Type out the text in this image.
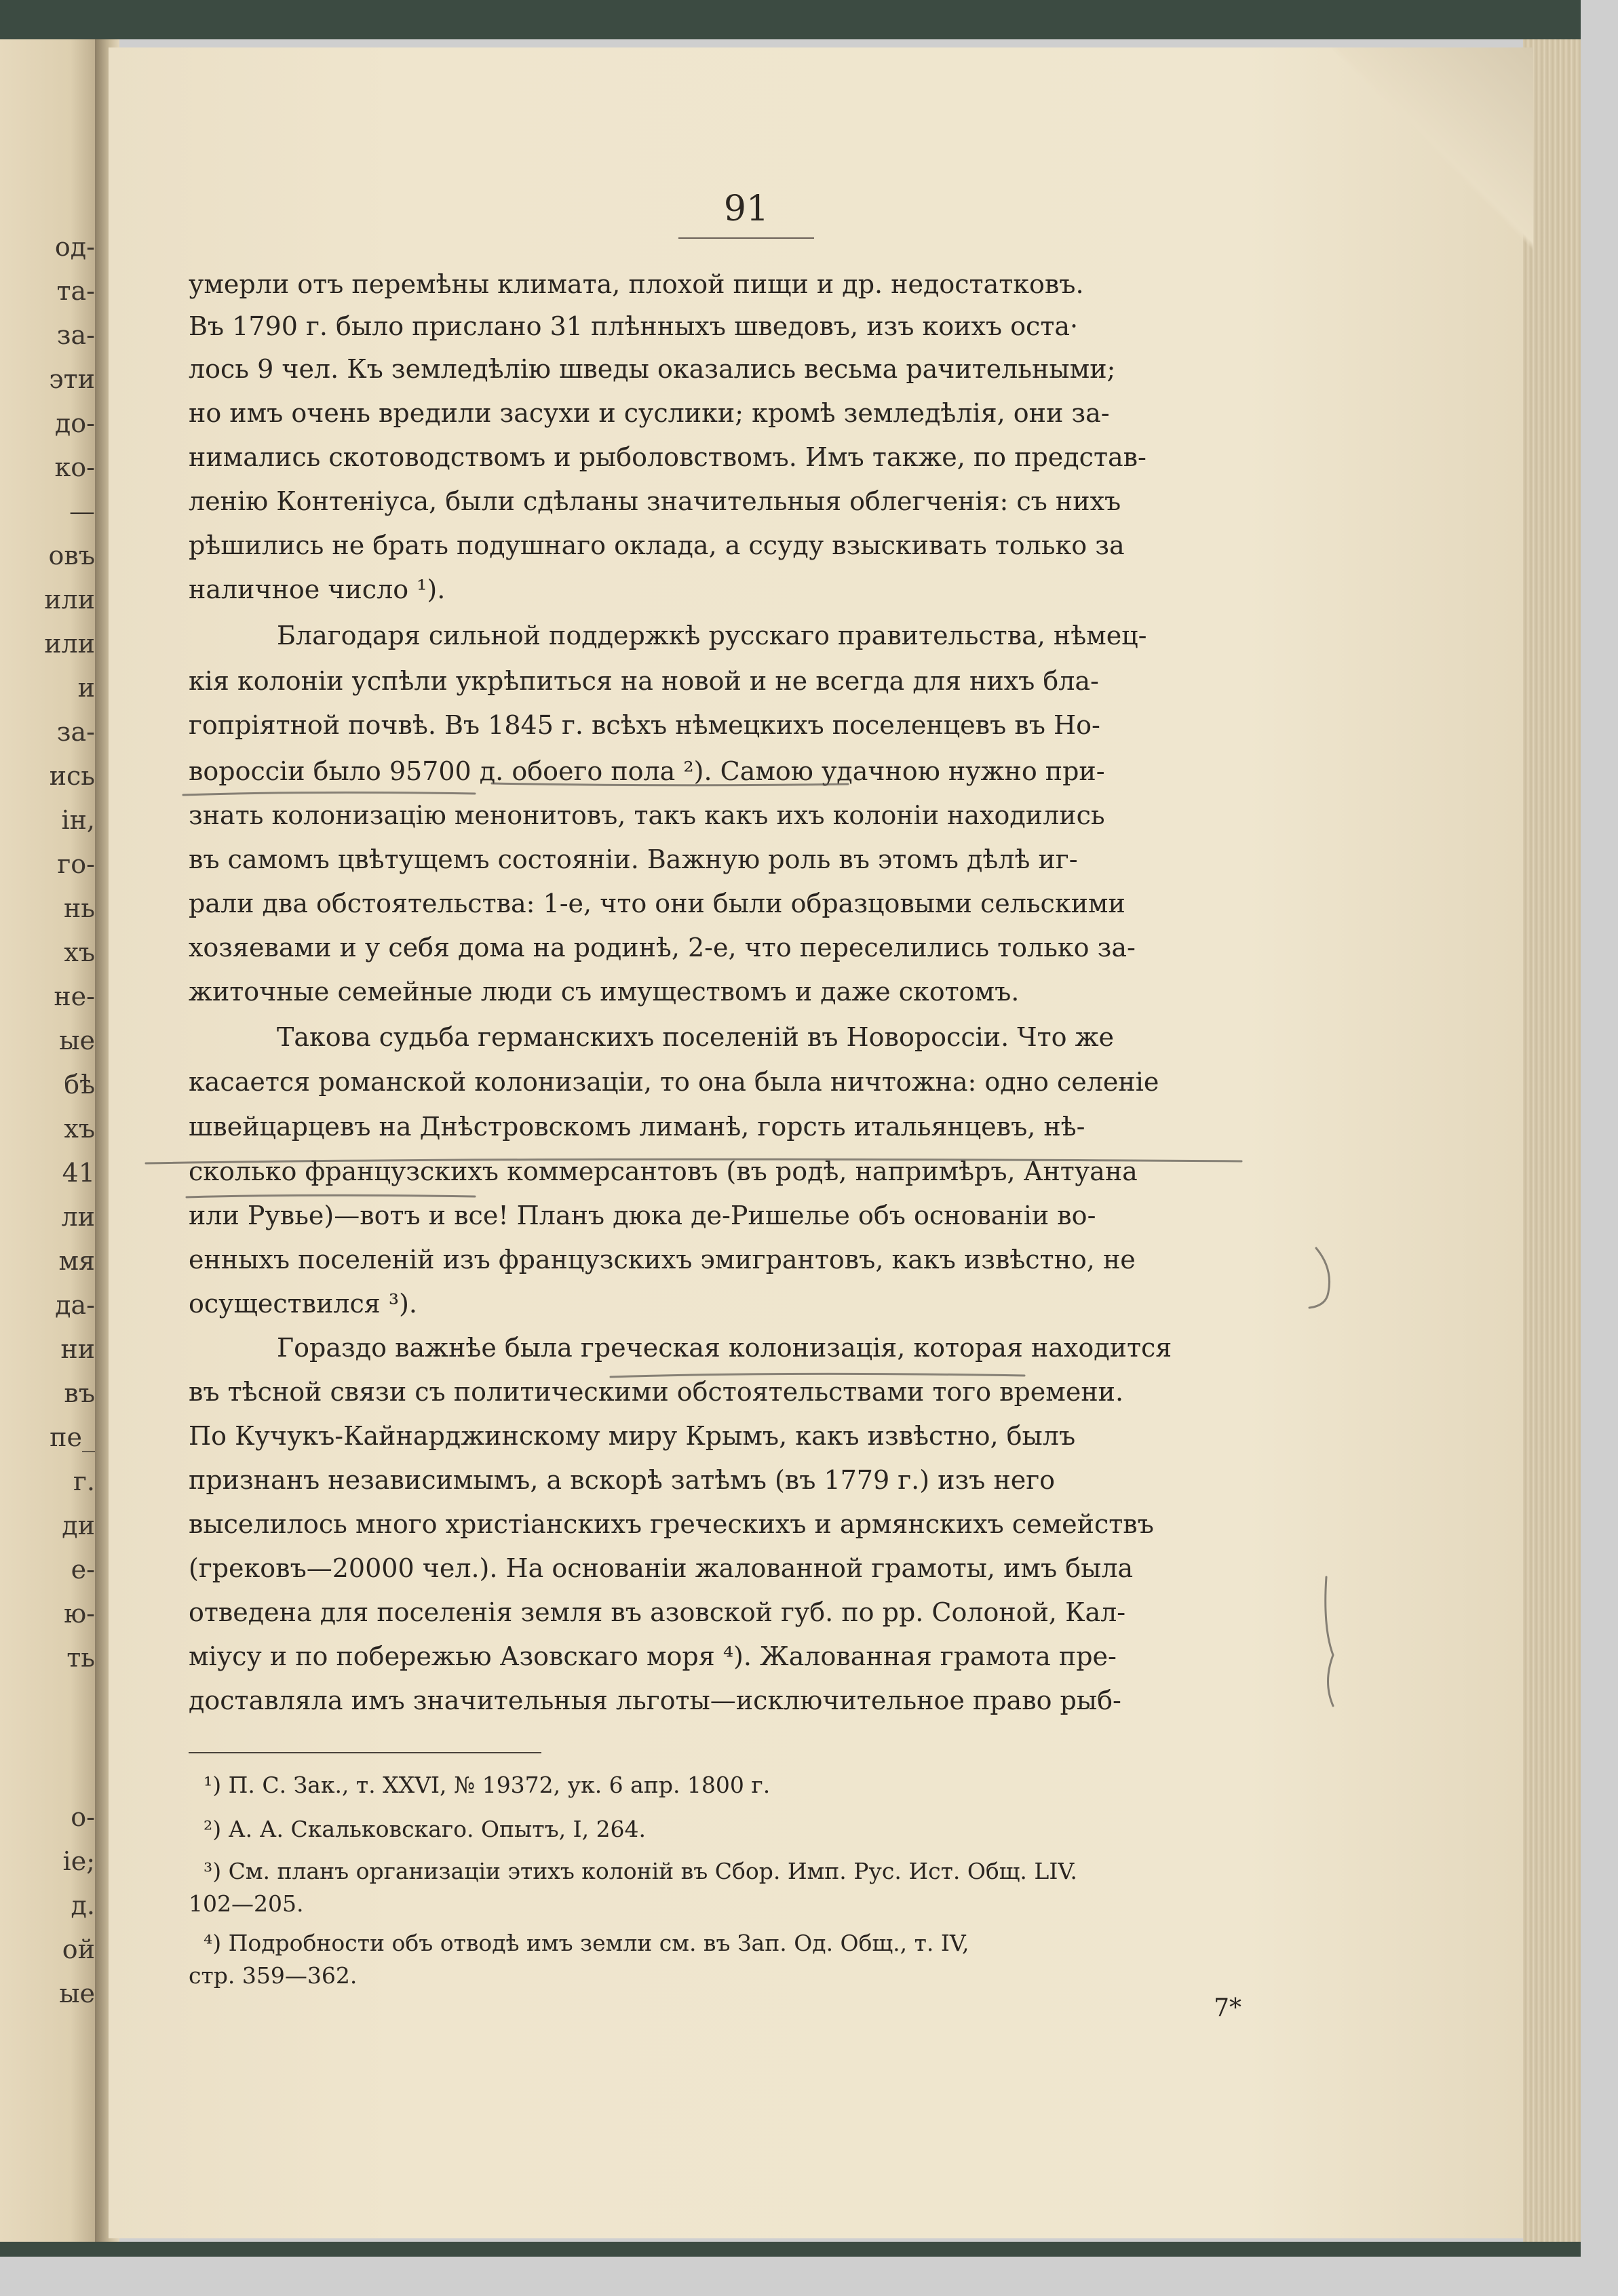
од-
та-
за-
эти
до-
ко-
—
овъ
или
или
и
за-
ись
ін,
го-
нь
хъ
не-
ые
бѣ
хъ
41
ли
мя
да-
ни
въ
пе_
г.
ди
е-
ю-
ть
о-
іе;
д.
ой
ые
91
умерли отъ перемѣны климата, плохой пищи и др. недостатковъ.
Въ 1790 г. было прислано 31 плѣнныхъ шведовъ, изъ коихъ оста·
лось 9 чел. Къ земледѣлію шведы оказались весьма рачительными;
но имъ очень вредили засухи и суслики; кромѣ земледѣлія, они за-
нимались скотоводствомъ и рыболовствомъ. Имъ также, по представ-
ленію Контеніуса, были сдѣланы значительныя облегченія: съ нихъ
рѣшились не брать подушнаго оклада, а ссуду взыскивать только за
наличное число ¹).
Благодаря сильной поддержкѣ русскаго правительства, нѣмец-
кія колоніи успѣли укрѣпиться на новой и не всегда для нихъ бла-
гопріятной почвѣ. Въ 1845 г. всѣхъ нѣмецкихъ поселенцевъ въ Но-
вороссіи было 95700 д. обоего пола ²). Самою удачною нужно при-
знать колонизацію менонитовъ, такъ какъ ихъ колоніи находились
въ самомъ цвѣтущемъ состояніи. Важную роль въ этомъ дѣлѣ иг-
рали два обстоятельства: 1-е, что они были образцовыми сельскими
хозяевами и у себя дома на родинѣ, 2-е, что переселились только за-
житочные семейные люди съ имуществомъ и даже скотомъ.
Такова судьба германскихъ поселеній въ Новороссіи. Что же
касается романской колонизаціи, то она была ничтожна: одно селеніе
швейцарцевъ на Днѣстровскомъ лиманѣ, горсть итальянцевъ, нѣ-
сколько французскихъ коммерсантовъ (въ родѣ, напримѣръ, Антуана
или Рувье)—вотъ и все! Планъ дюка де-Ришелье объ основаніи во-
енныхъ поселеній изъ французскихъ эмигрантовъ, какъ извѣстно, не
осуществился ³).
Гораздо важнѣе была греческая колонизація, которая находится
въ тѣсной связи съ политическими обстоятельствами того времени.
По Кучукъ-Кайнарджинскому миру Крымъ, какъ извѣстно, былъ
признанъ независимымъ, а вскорѣ затѣмъ (въ 1779 г.) изъ него
выселилось много христіанскихъ греческихъ и армянскихъ семействъ
(грековъ—20000 чел.). На основаніи жалованной грамоты, имъ была
отведена для поселенія земля въ азовской губ. по рр. Солоной, Кал-
міусу и по побережью Азовскаго моря ⁴). Жалованная грамота пре-
доставляла имъ значительныя льготы—исключительное право рыб-
¹) П. С. Зак., т. XXVI, № 19372, ук. 6 апр. 1800 г.
²) А. А. Скальковскаго. Опытъ, I, 264.
³) См. планъ организаціи этихъ колоній въ Сбор. Имп. Рус. Ист. Общ. LIV.
102—205.
⁴) Подробности объ отводѣ имъ земли см. въ Зап. Од. Общ., т. IV,
стр. 359—362.
7*
